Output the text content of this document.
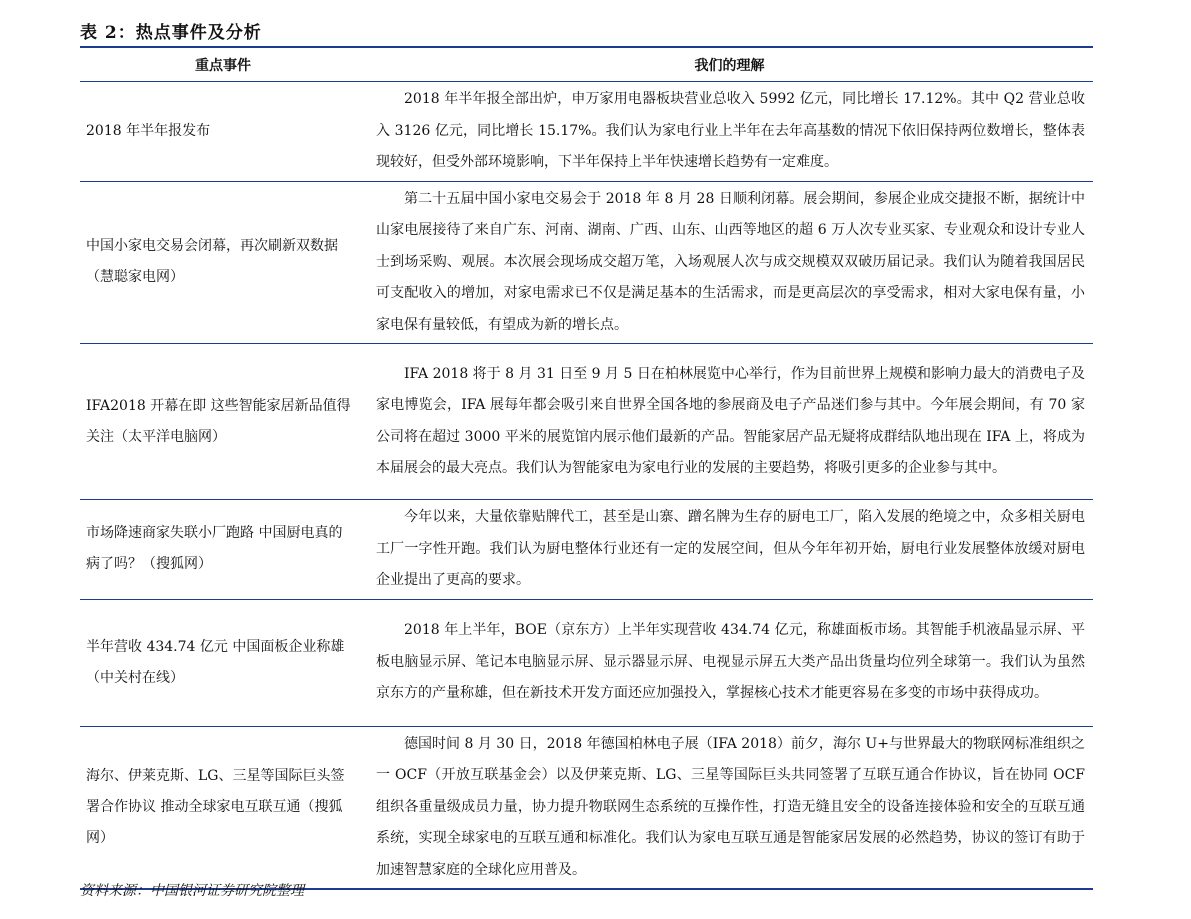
表 2：热点事件及分析
重点事件	我们的理解
2018 年半年报发布	2018 年半年报全部出炉，申万家用电器板块营业总收入 5992 亿元，同比增长 17.12%。其中 Q2 营业总收入 3126 亿元，同比增长 15.17%。我们认为家电行业上半年在去年高基数的情况下依旧保持两位数增长，整体表现较好，但受外部环境影响，下半年保持上半年快速增长趋势有一定难度。
中国小家电交易会闭幕，再次刷新双数据（慧聪家电网）	第二十五届中国小家电交易会于 2018 年 8 月 28 日顺利闭幕。展会期间，参展企业成交捷报不断，据统计中山家电展接待了来自广东、河南、湖南、广西、山东、山西等地区的超 6 万人次专业买家、专业观众和设计专业人士到场采购、观展。本次展会现场成交超万笔，入场观展人次与成交规模双双破历届记录。我们认为随着我国居民可支配收入的增加，对家电需求已不仅是满足基本的生活需求，而是更高层次的享受需求，相对大家电保有量，小家电保有量较低，有望成为新的增长点。
IFA2018 开幕在即 这些智能家居新品值得关注（太平洋电脑网）	IFA 2018 将于 8 月 31 日至 9 月 5 日在柏林展览中心举行，作为目前世界上规模和影响力最大的消费电子及家电博览会，IFA 展每年都会吸引来自世界全国各地的参展商及电子产品迷们参与其中。今年展会期间，有 70 家公司将在超过 3000 平米的展览馆内展示他们最新的产品。智能家居产品无疑将成群结队地出现在 IFA 上，将成为本届展会的最大亮点。我们认为智能家电为家电行业的发展的主要趋势，将吸引更多的企业参与其中。
市场降速商家失联小厂跑路 中国厨电真的病了吗？（搜狐网）	今年以来，大量依靠贴牌代工，甚至是山寨、蹭名牌为生存的厨电工厂，陷入发展的绝境之中，众多相关厨电工厂一字性开跑。我们认为厨电整体行业还有一定的发展空间，但从今年年初开始，厨电行业发展整体放缓对厨电企业提出了更高的要求。
半年营收 434.74 亿元 中国面板企业称雄（中关村在线）	2018 年上半年，BOE（京东方）上半年实现营收 434.74 亿元，称雄面板市场。其智能手机液晶显示屏、平板电脑显示屏、笔记本电脑显示屏、显示器显示屏、电视显示屏五大类产品出货量均位列全球第一。我们认为虽然京东方的产量称雄，但在新技术开发方面还应加强投入，掌握核心技术才能更容易在多变的市场中获得成功。
海尔、伊莱克斯、LG、三星等国际巨头签署合作协议 推动全球家电互联互通（搜狐网）	德国时间 8 月 30 日，2018 年德国柏林电子展（IFA 2018）前夕，海尔 U+与世界最大的物联网标准组织之一 OCF（开放互联基金会）以及伊莱克斯、LG、三星等国际巨头共同签署了互联互通合作协议，旨在协同 OCF 组织各重量级成员力量，协力提升物联网生态系统的互操作性，打造无缝且安全的设备连接体验和安全的互联互通系统，实现全球家电的互联互通和标准化。我们认为家电互联互通是智能家居发展的必然趋势，协议的签订有助于加速智慧家庭的全球化应用普及。
资料来源：中国银河证券研究院整理
